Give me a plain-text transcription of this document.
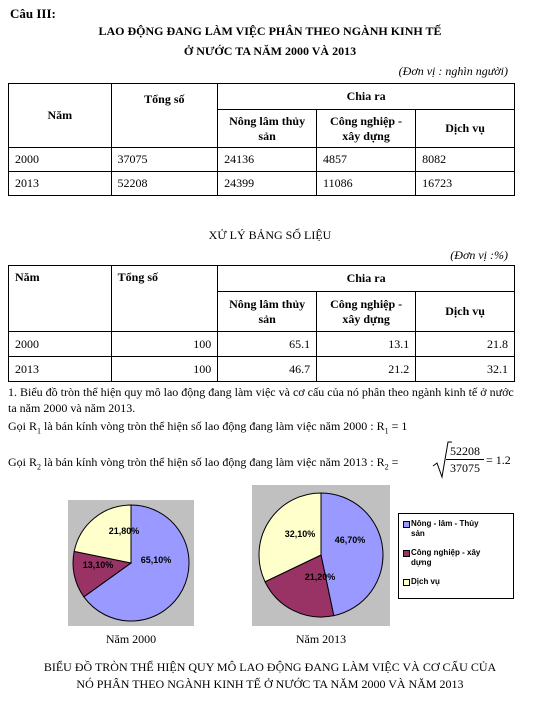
Câu III:
LAO ĐỘNG ĐANG LÀM VIỆC PHÂN THEO NGÀNH KINH TẾ
Ở NƯỚC TA NĂM 2000 VÀ 2013
(Đơn vị : nghìn người)
Năm	Tổng số	Chia ra		
		Nông lâm thủy sản	Công nghiệp - xây dựng	Dịch vụ
2000	37075	24136	4857	8082
2013	52208	24399	11086	16723
XỬ LÝ BẢNG SỐ LIỆU
(Đơn vị :%)
Năm	Tổng số	Chia ra		
		Nông lâm thủy sản	Công nghiệp - xây dựng	Dịch vụ
2000	100	65.1	13.1	21.8
2013	100	46.7	21.2	32.1
1. Biểu đồ tròn thể hiện quy mô lao động đang làm việc và cơ cấu của nó phân theo ngành kinh tế ở nước ta năm 2000 và năm 2013.
Gọi $R_1$ là bán kính vòng tròn thể hiện số lao động đang làm việc năm 2000 : $R_1 = 1$
Gọi $R_2$ là bán kính vòng tròn thể hiện số lao động đang làm việc năm 2013 : $R_2$ =
52208
37075
= 1.2
65,10%
13,10%
21,80%
Năm 2000
46,70%
21,20%
32,10%
Năm 2013
Nông - lâm - Thủy
sản
Công nghiệp - xây
dựng
Dịch vụ
BIỂU ĐỒ TRÒN THỂ HIỆN QUY MÔ LAO ĐỘNG ĐANG LÀM VIỆC VÀ CƠ CẤU CỦA
NÓ PHÂN THEO NGÀNH KINH TẾ Ở NƯỚC TA NĂM 2000 VÀ NĂM 2013
